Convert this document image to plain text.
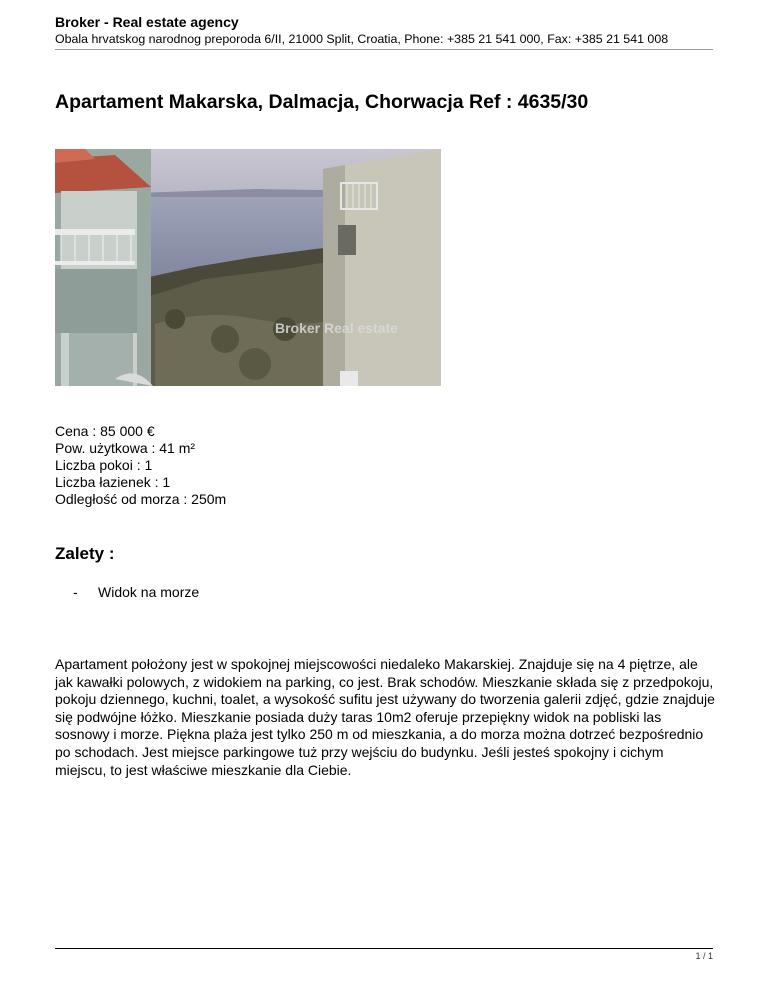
Broker - Real estate agency
Obala hrvatskog narodnog preporoda 6/II, 21000 Split, Croatia, Phone: +385 21 541 000, Fax: +385 21 541 008
Apartament Makarska, Dalmacja, Chorwacja Ref : 4635/30
Broker Real estate
Cena : 85 000 €
Pow. użytkowa : 41 m²
Liczba pokoi : 1
Liczba łazienek : 1
Odległość od morza : 250m
Zalety :
-	Widok na morze
Apartament położony jest w spokojnej miejscowości niedaleko Makarskiej. Znajduje się na 4 piętrze, ale jak kawałki polowych, z widokiem na parking, co jest. Brak schodów. Mieszkanie składa się z przedpokoju, pokoju dziennego, kuchni, toalet, a wysokość sufitu jest używany do tworzenia galerii zdjęć, gdzie znajduje się podwójne łóżko. Mieszkanie posiada duży taras 10m2 oferuje przepiękny widok na pobliski las sosnowy i morze. Piękna plaża jest tylko 250 m od mieszkania, a do morza można dotrzeć bezpośrednio po schodach. Jest miejsce parkingowe tuż przy wejściu do budynku. Jeśli jesteś spokojny i cichym miejscu, to jest właściwe mieszkanie dla Ciebie.
1 / 1
